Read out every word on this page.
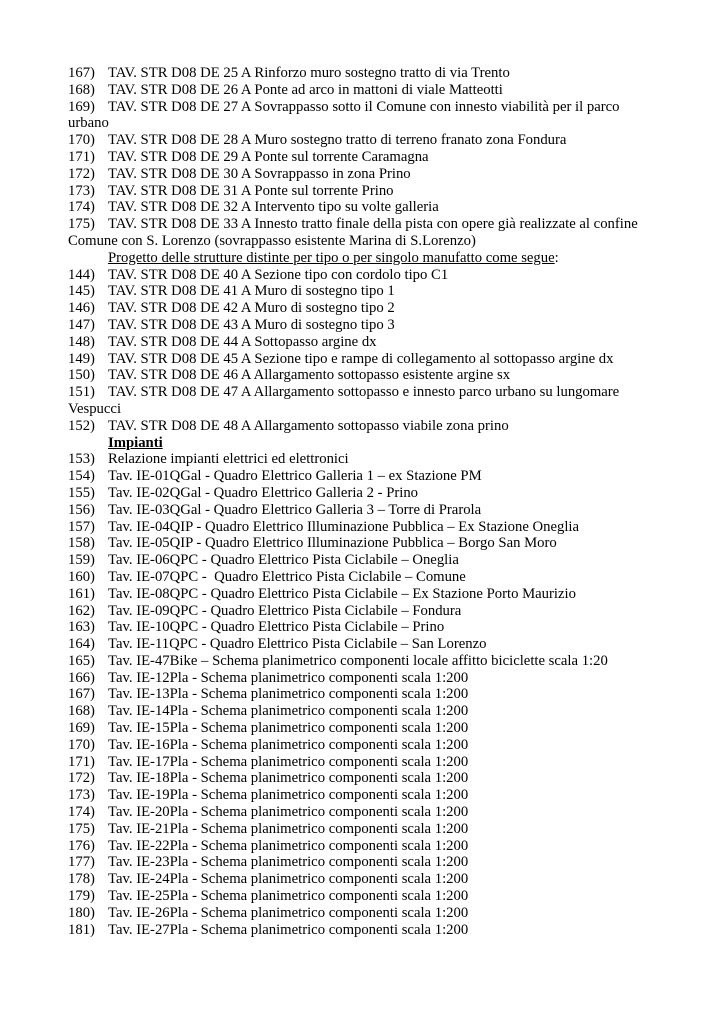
167) TAV. STR D08 DE 25 A Rinforzo muro sostegno tratto di via Trento

168) TAV. STR D08 DE 26 A Ponte ad arco in mattoni di viale Matteotti

169) TAV. STR D08 DE 27 A Sovrappasso sotto il Comune con innesto viabilità per il parco urbano

170) TAV. STR D08 DE 28 A Muro sostegno tratto di terreno franato zona Fondura

171) TAV. STR D08 DE 29 A Ponte sul torrente Caramagna

172) TAV. STR D08 DE 30 A Sovrappasso in zona Prino

173) TAV. STR D08 DE 31 A Ponte sul torrente Prino

174) TAV. STR D08 DE 32 A Intervento tipo su volte galleria

175) TAV. STR D08 DE 33 A Innesto tratto finale della pista con opere già realizzate al confine Comune con S. Lorenzo (sovrappasso esistente Marina di S.Lorenzo)

Progetto delle strutture distinte per tipo o per singolo manufatto come segue:

144) TAV. STR D08 DE 40 A Sezione tipo con cordolo tipo C1

145) TAV. STR D08 DE 41 A Muro di sostegno tipo 1

146) TAV. STR D08 DE 42 A Muro di sostegno tipo 2

147) TAV. STR D08 DE 43 A Muro di sostegno tipo 3

148) TAV. STR D08 DE 44 A Sottopasso argine dx

149) TAV. STR D08 DE 45 A Sezione tipo e rampe di collegamento al sottopasso argine dx

150) TAV. STR D08 DE 46 A Allargamento sottopasso esistente argine sx

151) TAV. STR D08 DE 47 A Allargamento sottopasso e innesto parco urbano su lungomare Vespucci

152) TAV. STR D08 DE 48 A Allargamento sottopasso viabile zona prino

Impianti

153) Relazione impianti elettrici ed elettronici

154) Tav. IE-01QGal - Quadro Elettrico Galleria 1 – ex Stazione PM

155) Tav. IE-02QGal - Quadro Elettrico Galleria 2 - Prino

156) Tav. IE-03QGal - Quadro Elettrico Galleria 3 – Torre di Prarola

157) Tav. IE-04QIP - Quadro Elettrico Illuminazione Pubblica – Ex Stazione Oneglia

158) Tav. IE-05QIP - Quadro Elettrico Illuminazione Pubblica – Borgo San Moro

159) Tav. IE-06QPC - Quadro Elettrico Pista Ciclabile – Oneglia

160) Tav. IE-07QPC -  Quadro Elettrico Pista Ciclabile – Comune

161) Tav. IE-08QPC - Quadro Elettrico Pista Ciclabile – Ex Stazione Porto Maurizio

162) Tav. IE-09QPC - Quadro Elettrico Pista Ciclabile – Fondura

163) Tav. IE-10QPC - Quadro Elettrico Pista Ciclabile – Prino

164) Tav. IE-11QPC - Quadro Elettrico Pista Ciclabile – San Lorenzo

165) Tav. IE-47Bike – Schema planimetrico componenti locale affitto biciclette scala 1:20

166) Tav. IE-12Pla - Schema planimetrico componenti scala 1:200

167) Tav. IE-13Pla - Schema planimetrico componenti scala 1:200

168) Tav. IE-14Pla - Schema planimetrico componenti scala 1:200

169) Tav. IE-15Pla - Schema planimetrico componenti scala 1:200

170) Tav. IE-16Pla - Schema planimetrico componenti scala 1:200

171) Tav. IE-17Pla - Schema planimetrico componenti scala 1:200

172) Tav. IE-18Pla - Schema planimetrico componenti scala 1:200

173) Tav. IE-19Pla - Schema planimetrico componenti scala 1:200

174) Tav. IE-20Pla - Schema planimetrico componenti scala 1:200

175) Tav. IE-21Pla - Schema planimetrico componenti scala 1:200

176) Tav. IE-22Pla - Schema planimetrico componenti scala 1:200

177) Tav. IE-23Pla - Schema planimetrico componenti scala 1:200

178) Tav. IE-24Pla - Schema planimetrico componenti scala 1:200

179) Tav. IE-25Pla - Schema planimetrico componenti scala 1:200

180) Tav. IE-26Pla - Schema planimetrico componenti scala 1:200

181) Tav. IE-27Pla - Schema planimetrico componenti scala 1:200
